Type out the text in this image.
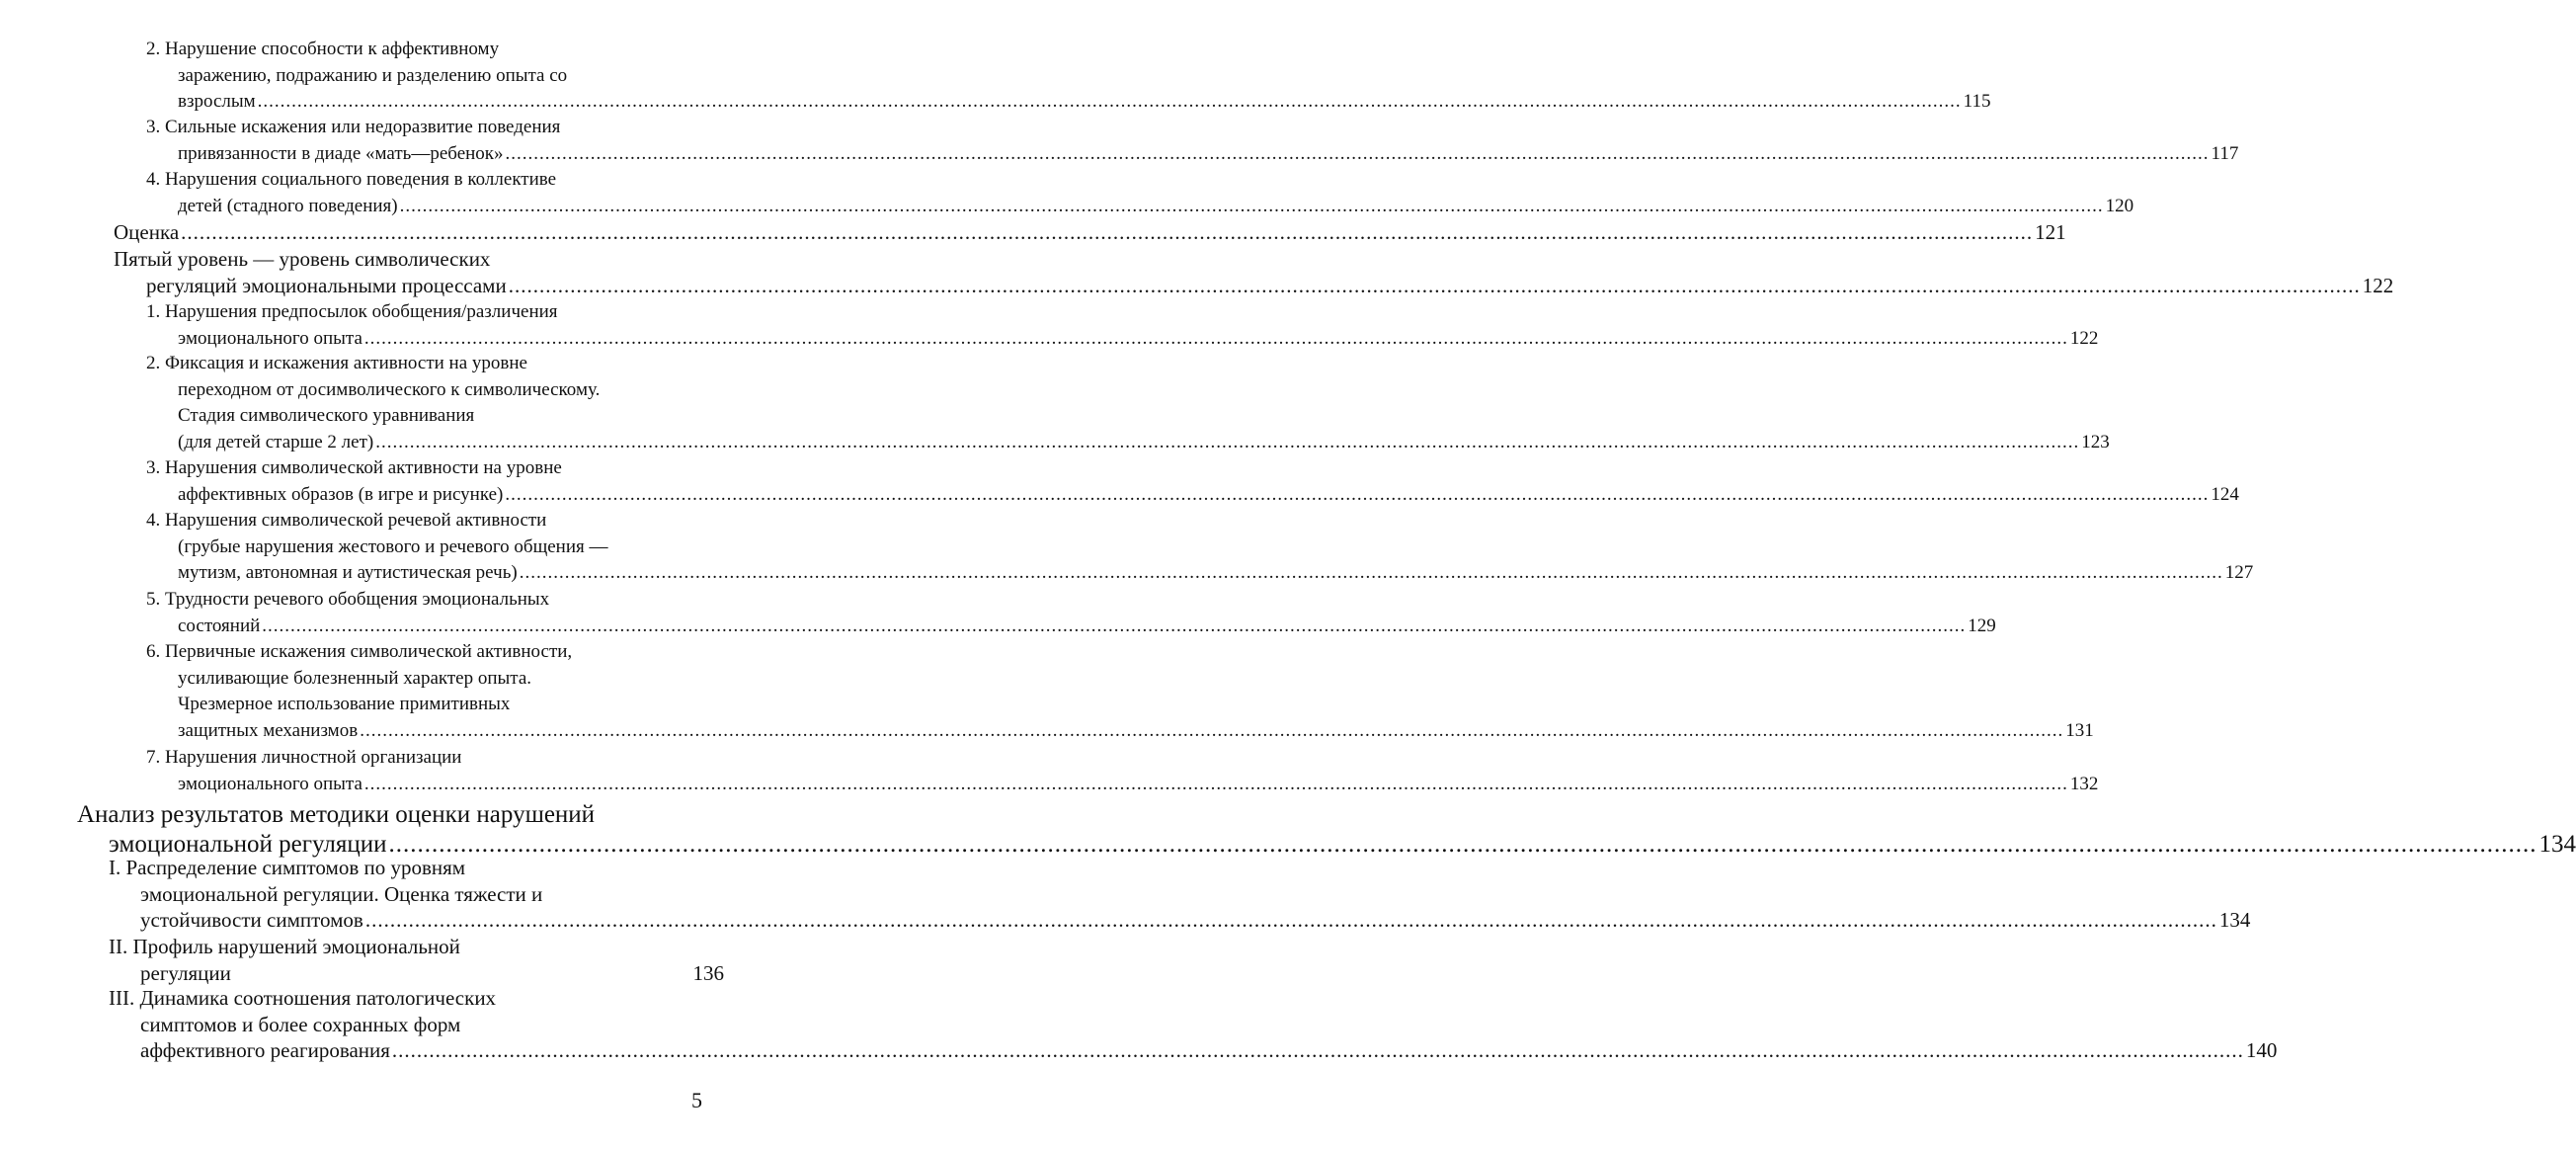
2. Нарушение способности к аффективному
заражению, подражанию и разделению опыта со
взрослым ............................................................................................................................................................................................................................................................................................................ 115
3. Сильные искажения или недоразвитие поведения
привязанности в диаде «мать—ребенок» ............................................................................................................................................................................................................................................................................................................ 117
4. Нарушения социального поведения в коллективе
детей (стадного поведения) ............................................................................................................................................................................................................................................................................................................ 120
Оценка ............................................................................................................................................................................................................................................................................................................ 121
Пятый уровень — уровень символических
регуляций эмоциональными процессами ............................................................................................................................................................................................................................................................................................................ 122
1. Нарушения предпосылок обобщения/различения
эмоционального опыта ............................................................................................................................................................................................................................................................................................................ 122
2. Фиксация и искажения активности на уровне
переходном от досимволического к символическому.
Стадия символического уравнивания
(для детей старше 2 лет) ............................................................................................................................................................................................................................................................................................................ 123
3. Нарушения символической активности на уровне
аффективных образов (в игре и рисунке) ............................................................................................................................................................................................................................................................................................................ 124
4. Нарушения символической речевой активности
(грубые нарушения жестового и речевого общения —
мутизм, автономная и аутистическая речь) ............................................................................................................................................................................................................................................................................................................ 127
5. Трудности речевого обобщения эмоциональных
состояний ............................................................................................................................................................................................................................................................................................................ 129
6. Первичные искажения символической активности,
усиливающие болезненный характер опыта.
Чрезмерное использование примитивных
защитных механизмов ............................................................................................................................................................................................................................................................................................................ 131
7. Нарушения личностной организации
эмоционального опыта ............................................................................................................................................................................................................................................................................................................ 132
Анализ результатов методики оценки нарушений
эмоциональной регуляции ............................................................................................................................................................................................................................................................................................................ 134
I. Распределение симптомов по уровням
эмоциональной регуляции. Оценка тяжести и
устойчивости симптомов ............................................................................................................................................................................................................................................................................................................ 134
II. Профиль нарушений эмоциональной
регуляции	136
III. Динамика соотношения патологических
симптомов и более сохранных форм
аффективного реагирования ............................................................................................................................................................................................................................................................................................................ 140
5
